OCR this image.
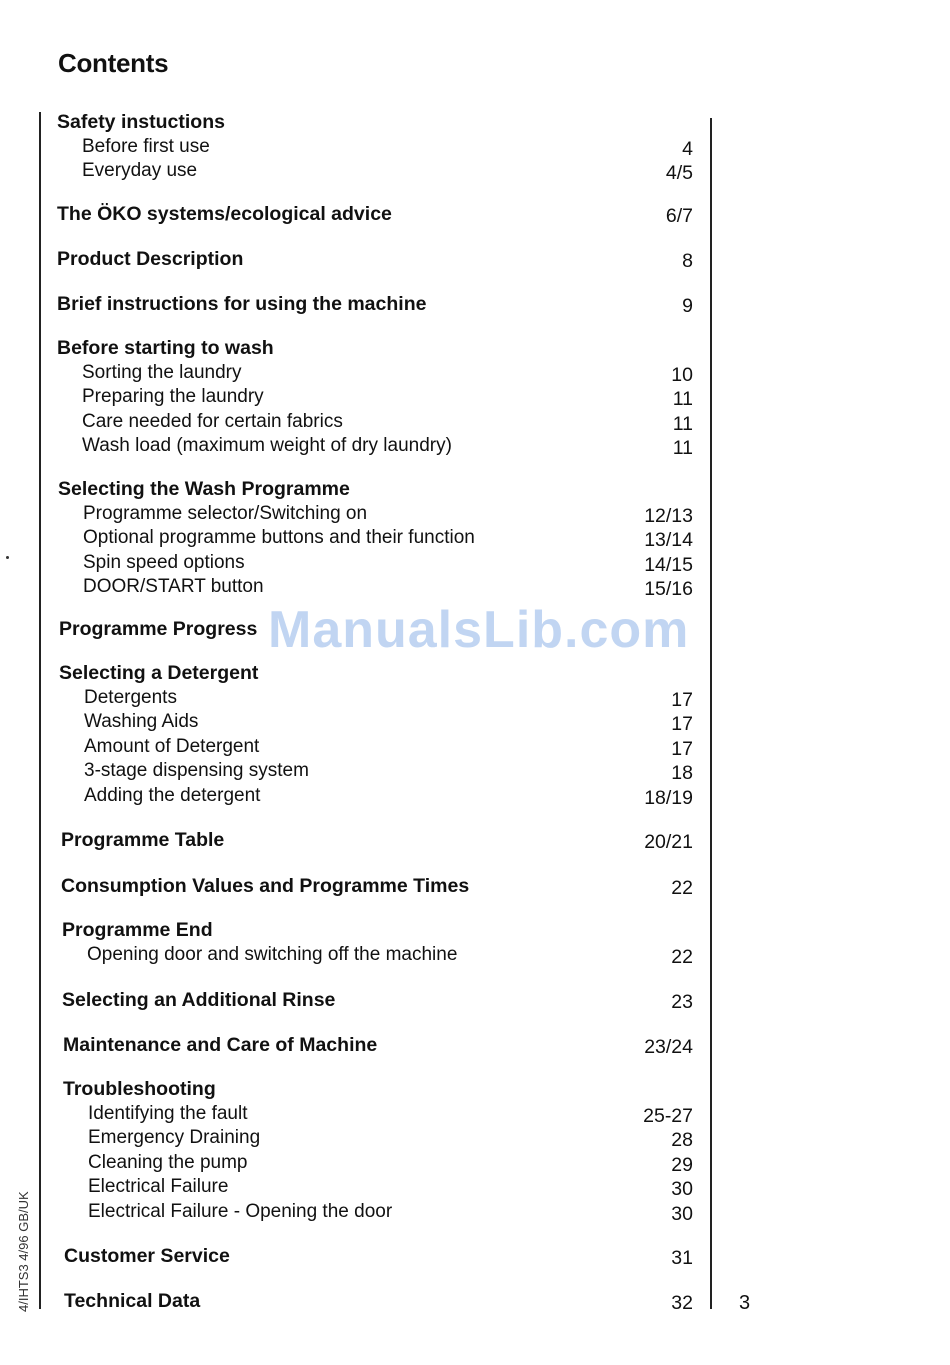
Contents
Safety instuctions
Before first use	4
Everyday use	4/5
The ÖKO systems/ecological advice	6/7
Product Description	8
Brief instructions for using the machine	9
Before starting to wash
Sorting the laundry	10
Preparing the laundry	11
Care needed for certain fabrics	11
Wash load (maximum weight of dry laundry)	11
Selecting the Wash Programme
Programme selector/Switching on	12/13
Optional programme buttons and their function	13/14
Spin speed options	14/15
DOOR/START button	15/16
Programme Progress
Selecting a Detergent
Detergents	17
Washing Aids	17
Amount of Detergent	17
3-stage dispensing system	18
Adding the detergent	18/19
Programme Table	20/21
Consumption Values and Programme Times	22
Programme End
Opening door and switching off the machine	22
Selecting an Additional Rinse	23
Maintenance and Care of Machine	23/24
Troubleshooting
Identifying the fault	25-27
Emergency Draining	28
Cleaning the pump	29
Electrical Failure	30
Electrical Failure - Opening the door	30
Customer Service	31
Technical Data	32
ManualsLib.com
4/IHTS3 4/96 GB/UK	3
